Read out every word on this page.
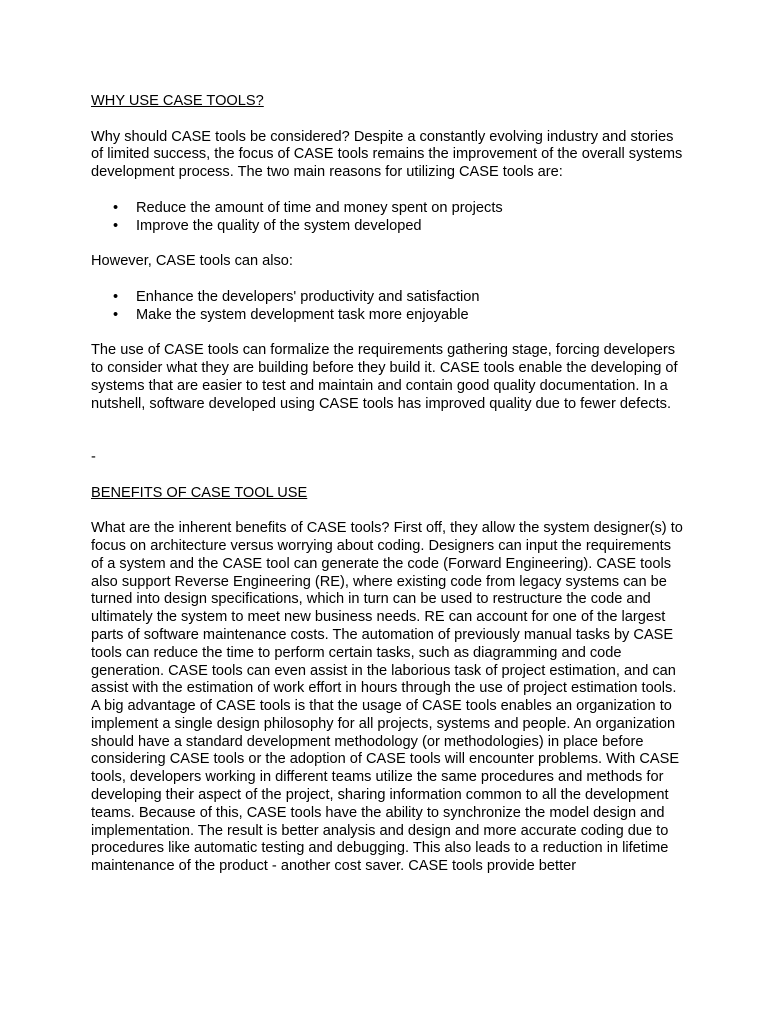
WHY USE CASE TOOLS?

Why should CASE tools be considered? Despite a constantly evolving industry and stories of limited success, the focus of CASE tools remains the improvement of the overall systems development process. The two main reasons for utilizing CASE tools are:

• Reduce the amount of time and money spent on projects
• Improve the quality of the system developed

However, CASE tools can also:

• Enhance the developers' productivity and satisfaction
• Make the system development task more enjoyable

The use of CASE tools can formalize the requirements gathering stage, forcing developers to consider what they are building before they build it. CASE tools enable the developing of systems that are easier to test and maintain and contain good quality documentation. In a nutshell, software developed using CASE tools has improved quality due to fewer defects.

-

BENEFITS OF CASE TOOL USE

What are the inherent benefits of CASE tools? First off, they allow the system designer(s) to focus on architecture versus worrying about coding. Designers can input the requirements of a system and the CASE tool can generate the code (Forward Engineering). CASE tools also support Reverse Engineering (RE), where existing code from legacy systems can be turned into design specifications, which in turn can be used to restructure the code and ultimately the system to meet new business needs. RE can account for one of the largest parts of software maintenance costs. The automation of previously manual tasks by CASE tools can reduce the time to perform certain tasks, such as diagramming and code generation. CASE tools can even assist in the laborious task of project estimation, and can assist with the estimation of work effort in hours through the use of project estimation tools. A big advantage of CASE tools is that the usage of CASE tools enables an organization to implement a single design philosophy for all projects, systems and people. An organization should have a standard development methodology (or methodologies) in place before considering CASE tools or the adoption of CASE tools will encounter problems. With CASE tools, developers working in different teams utilize the same procedures and methods for developing their aspect of the project, sharing information common to all the development teams. Because of this, CASE tools have the ability to synchronize the model design and implementation. The result is better analysis and design and more accurate coding due to procedures like automatic testing and debugging. This also leads to a reduction in lifetime maintenance of the product - another cost saver. CASE tools provide better
